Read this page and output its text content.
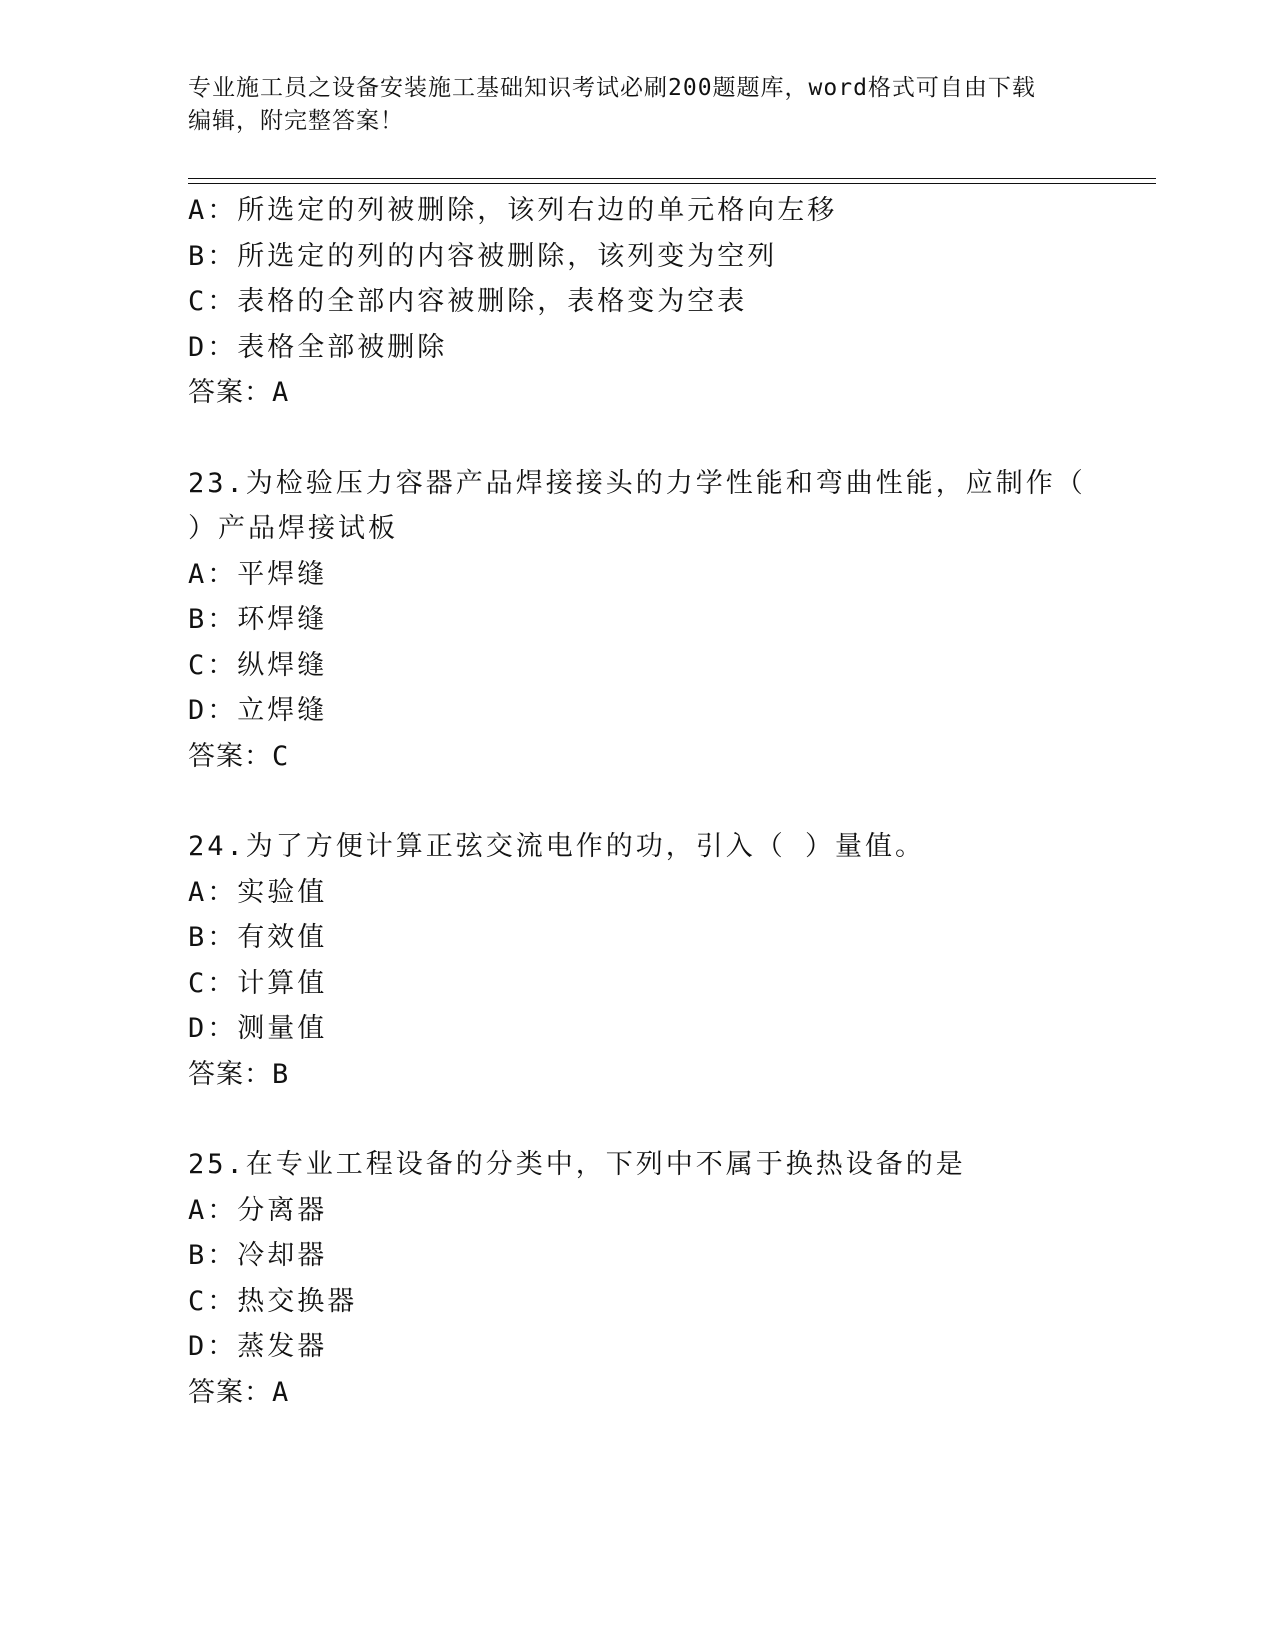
专业施工员之设备安装施工基础知识考试必刷200题题库，word格式可自由下载
编辑，附完整答案！
A：所选定的列被删除，该列右边的单元格向左移
B：所选定的列的内容被删除，该列变为空列
C：表格的全部内容被删除，表格变为空表
D：表格全部被删除
答案：A
23.为检验压力容器产品焊接接头的力学性能和弯曲性能，应制作（
）产品焊接试板
A：平焊缝
B：环焊缝
C：纵焊缝
D：立焊缝
答案：C
24.为了方便计算正弦交流电作的功，引入（ ）量值。
A：实验值
B：有效值
C：计算值
D：测量值
答案：B
25.在专业工程设备的分类中，下列中不属于换热设备的是
A：分离器
B：冷却器
C：热交换器
D：蒸发器
答案：A
